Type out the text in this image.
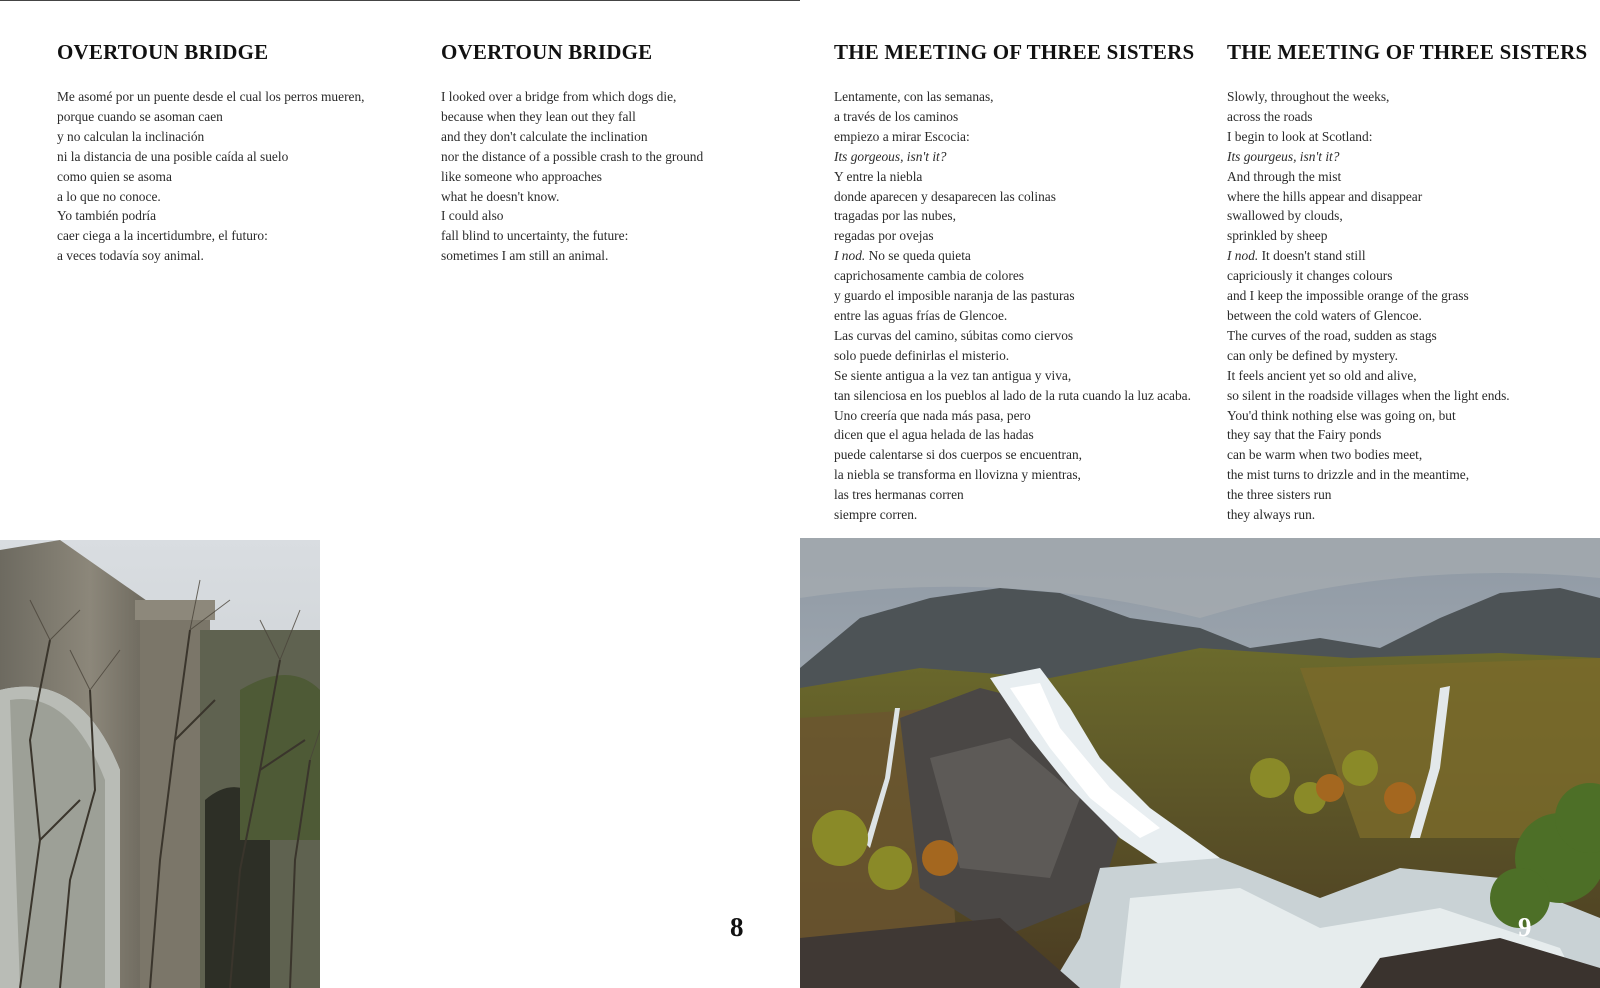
OVERTOUN BRIDGE
Me asomé por un puente desde el cual los perros mueren,
porque cuando se asoman caen
y no calculan la inclinación
ni la distancia de una posible caída al suelo
como quien se asoma
a lo que no conoce.
Yo también podría
caer ciega a la incertidumbre, el futuro:
a veces todavía soy animal.
OVERTOUN BRIDGE
I looked over a bridge from which dogs die,
because when they lean out they fall
and they don't calculate the inclination
nor the distance of a possible crash to the ground
like someone who approaches
what he doesn't know.
I could also
fall blind to uncertainty, the future:
sometimes I am still an animal.
8
THE MEETING OF THREE SISTERS
Lentamente, con las semanas,
a través de los caminos
empiezo a mirar Escocia:
Its gorgeous, isn't it?
Y entre la niebla
donde aparecen y desaparecen las colinas
tragadas por las nubes,
regadas por ovejas
I nod. No se queda quieta
caprichosamente cambia de colores
y guardo el imposible naranja de las pasturas
entre las aguas frías de Glencoe.
Las curvas del camino, súbitas como ciervos
solo puede definirlas el misterio.
Se siente antigua a la vez tan antigua y viva,
tan silenciosa en los pueblos al lado de la ruta cuando la luz acaba.
Uno creería que nada más pasa, pero
dicen que el agua helada de las hadas
puede calentarse si dos cuerpos se encuentran,
la niebla se transforma en llovizna y mientras,
las tres hermanas corren
siempre corren.
THE MEETING OF THREE SISTERS
Slowly, throughout the weeks,
across the roads
I begin to look at Scotland:
Its gourgeus, isn't it?
And through the mist
where the hills appear and disappear
swallowed by clouds,
sprinkled by sheep
I nod. It doesn't stand still
capriciously it changes colours
and I keep the impossible orange of the grass
between the cold waters of Glencoe.
The curves of the road, sudden as stags
can only be defined by mystery.
It feels ancient yet so old and alive,
so silent in the roadside villages when the light ends.
You'd think nothing else was going on, but
they say that the Fairy ponds
can be warm when two bodies meet,
the mist turns to drizzle and in the meantime,
the three sisters run
they always run.
9
